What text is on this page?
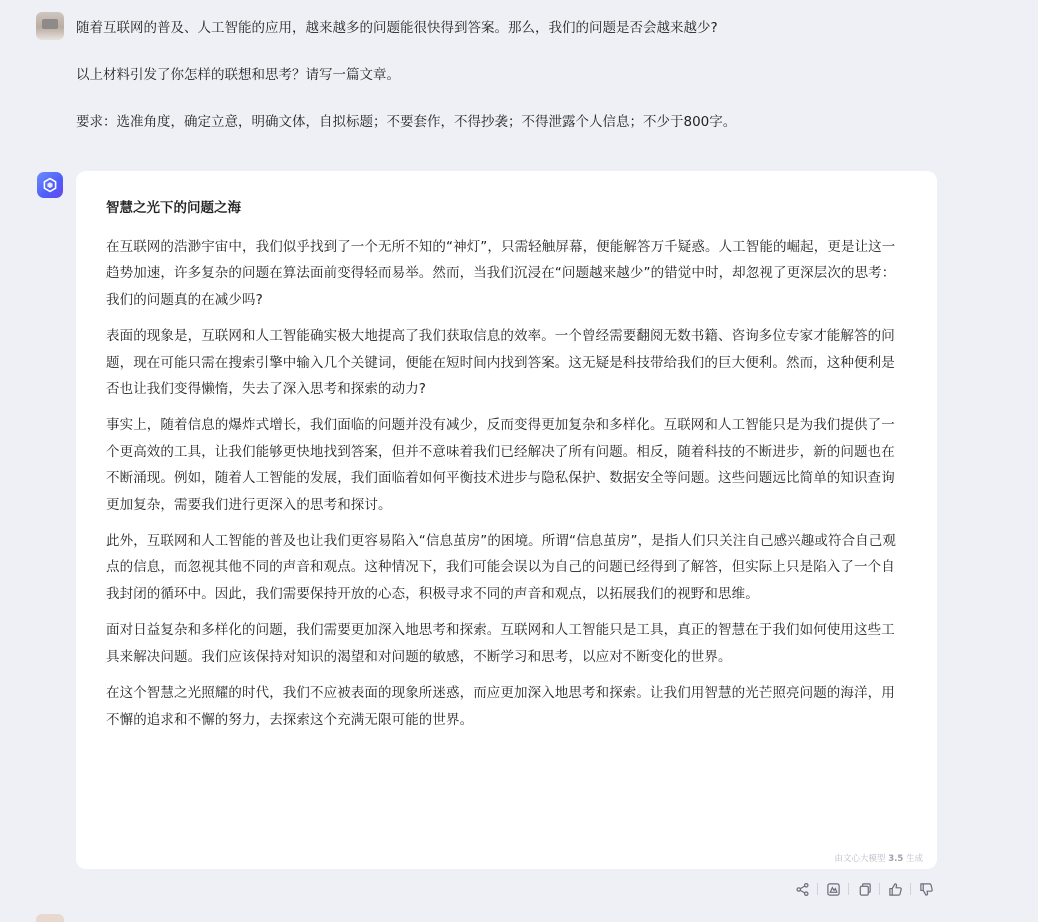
随着互联网的普及、人工智能的应用，越来越多的问题能很快得到答案。那么，我们的问题是否会越来越少?

以上材料引发了你怎样的联想和思考？请写一篇文章。

要求：选准角度，确定立意，明确文体，自拟标题；不要套作，不得抄袭；不得泄露个人信息；不少于800字。

智慧之光下的问题之海

在互联网的浩渺宇宙中，我们似乎找到了一个无所不知的“神灯”，只需轻触屏幕，便能解答万千疑惑。人工智能的崛起，更是让这一趋势加速，许多复杂的问题在算法面前变得轻而易举。然而，当我们沉浸在“问题越来越少”的错觉中时，却忽视了更深层次的思考：我们的问题真的在减少吗?

表面的现象是，互联网和人工智能确实极大地提高了我们获取信息的效率。一个曾经需要翻阅无数书籍、咨询多位专家才能解答的问题，现在可能只需在搜索引擎中输入几个关键词，便能在短时间内找到答案。这无疑是科技带给我们的巨大便利。然而，这种便利是否也让我们变得懒惰，失去了深入思考和探索的动力?

事实上，随着信息的爆炸式增长，我们面临的问题并没有减少，反而变得更加复杂和多样化。互联网和人工智能只是为我们提供了一个更高效的工具，让我们能够更快地找到答案，但并不意味着我们已经解决了所有问题。相反，随着科技的不断进步，新的问题也在不断涌现。例如，随着人工智能的发展，我们面临着如何平衡技术进步与隐私保护、数据安全等问题。这些问题远比简单的知识查询更加复杂，需要我们进行更深入的思考和探讨。

此外，互联网和人工智能的普及也让我们更容易陷入“信息茧房”的困境。所谓“信息茧房”，是指人们只关注自己感兴趣或符合自己观点的信息，而忽视其他不同的声音和观点。这种情况下，我们可能会误以为自己的问题已经得到了解答，但实际上只是陷入了一个自我封闭的循环中。因此，我们需要保持开放的心态，积极寻求不同的声音和观点，以拓展我们的视野和思维。

面对日益复杂和多样化的问题，我们需要更加深入地思考和探索。互联网和人工智能只是工具，真正的智慧在于我们如何使用这些工具来解决问题。我们应该保持对知识的渴望和对问题的敏感，不断学习和思考，以应对不断变化的世界。

在这个智慧之光照耀的时代，我们不应被表面的现象所迷惑，而应更加深入地思考和探索。让我们用智慧的光芒照亮问题的海洋，用不懈的追求和不懈的努力，去探索这个充满无限可能的世界。

由文心大模型 3.5 生成
